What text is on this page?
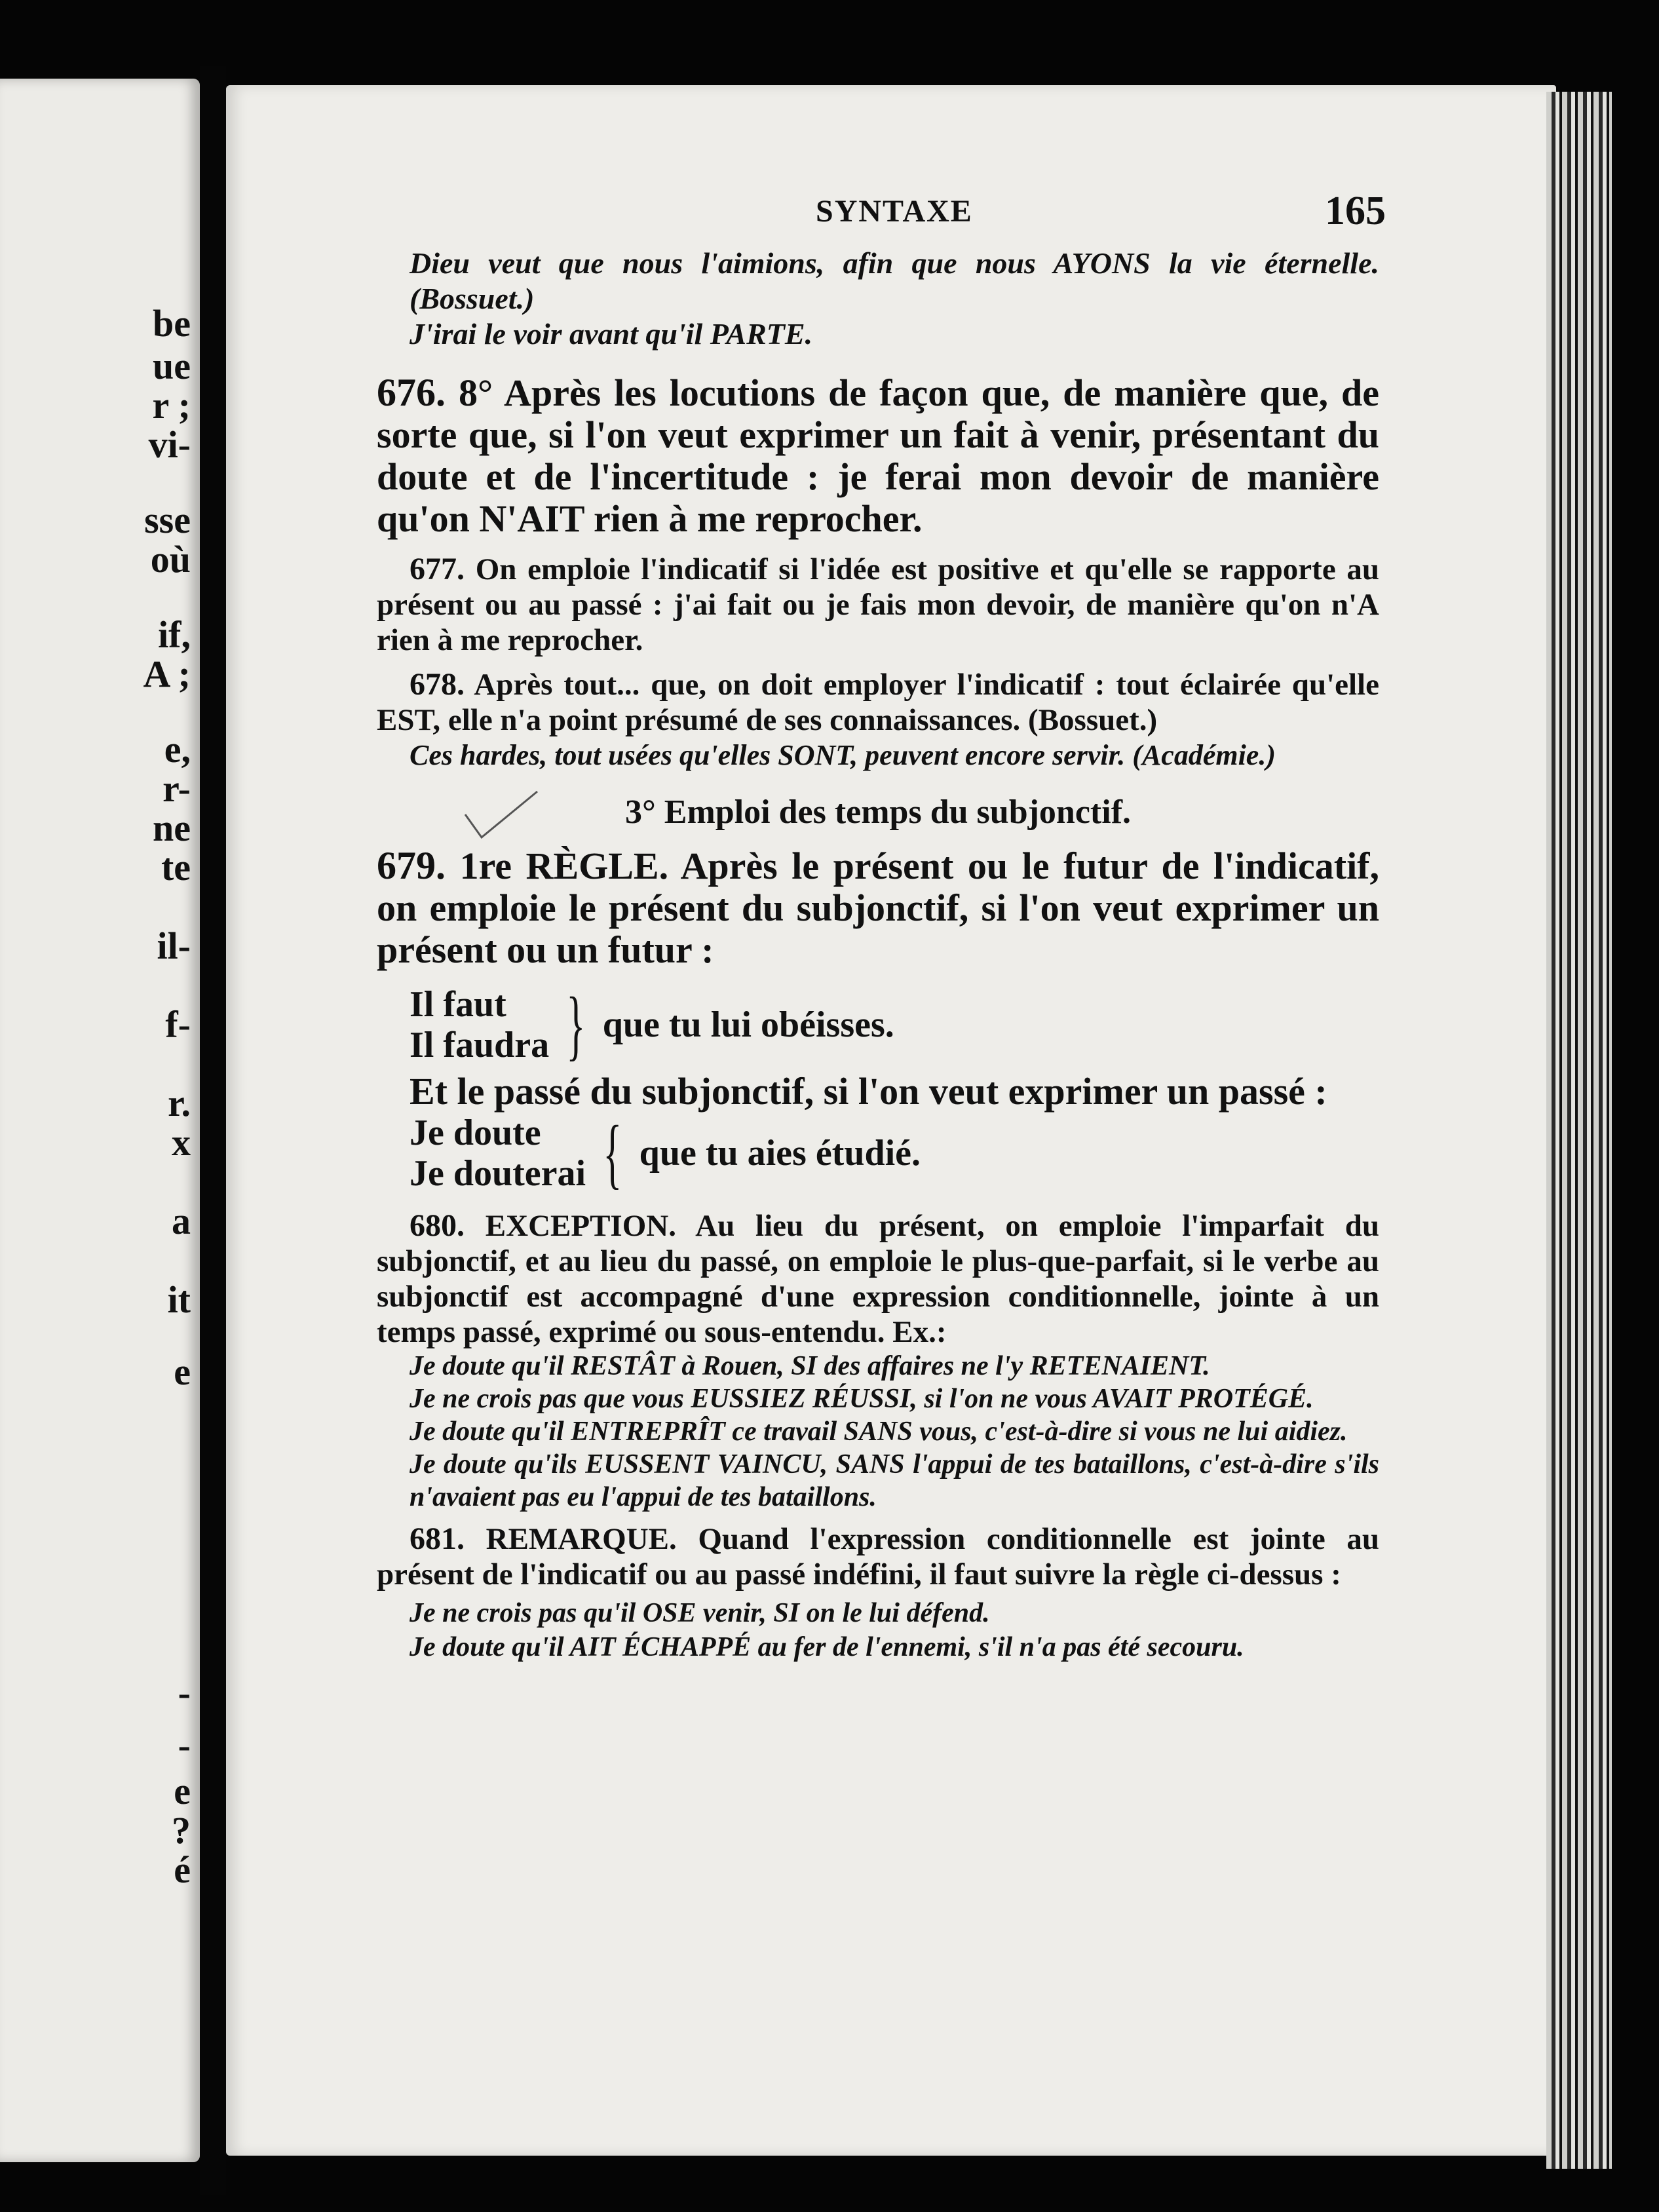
be
ue
r ;
vi-
sse
où
if,
A ;
e,
r-
ne
te
il-
f-
r.
x
a
it
e
-
-
e
?
é
SYNTAXE	165

Dieu veut que nous l'aimions, afin que nous AYONS la vie éternelle. (Bossuet.)

J'irai le voir avant qu'il PARTE.

676. 8° Après les locutions de façon que, de manière que, de sorte que, si l'on veut exprimer un fait à venir, présentant du doute et de l'incertitude : je ferai mon devoir de manière qu'on N'AIT rien à me reprocher.

677. On emploie l'indicatif si l'idée est positive et qu'elle se rapporte au présent ou au passé : j'ai fait ou je fais mon devoir, de manière qu'on n'A rien à me reprocher.

678. Après tout... que, on doit employer l'indicatif : tout éclairée qu'elle EST, elle n'a point présumé de ses connaissances. (Bossuet.)

Ces hardes, tout usées qu'elles SONT, peuvent encore servir. (Académie.)

3° Emploi des temps du subjonctif.

679. 1re RÈGLE. Après le présent ou le futur de l'indicatif, on emploie le présent du subjonctif, si l'on veut exprimer un présent ou un futur :

Il faut
Il faudra } que tu lui obéisses.

Et le passé du subjonctif, si l'on veut exprimer un passé :

Je doute
Je douterai { que tu aies étudié.

680. EXCEPTION. Au lieu du présent, on emploie l'imparfait du subjonctif, et au lieu du passé, on emploie le plus-que-parfait, si le verbe au subjonctif est accompagné d'une expression conditionnelle, jointe à un temps passé, exprimé ou sous-entendu. Ex.:

Je doute qu'il RESTÂT à Rouen, SI des affaires ne l'y RETENAIENT.

Je ne crois pas que vous EUSSIEZ RÉUSSI, si l'on ne vous AVAIT PROTÉGÉ.

Je doute qu'il ENTREPRÎT ce travail SANS vous, c'est-à-dire si vous ne lui aidiez.

Je doute qu'ils EUSSENT VAINCU, SANS l'appui de tes bataillons, c'est-à-dire s'ils n'avaient pas eu l'appui de tes bataillons.

681. REMARQUE. Quand l'expression conditionnelle est jointe au présent de l'indicatif ou au passé indéfini, il faut suivre la règle ci-dessus :

Je ne crois pas qu'il OSE venir, SI on le lui défend.

Je doute qu'il AIT ÉCHAPPÉ au fer de l'ennemi, s'il n'a pas été secouru.
